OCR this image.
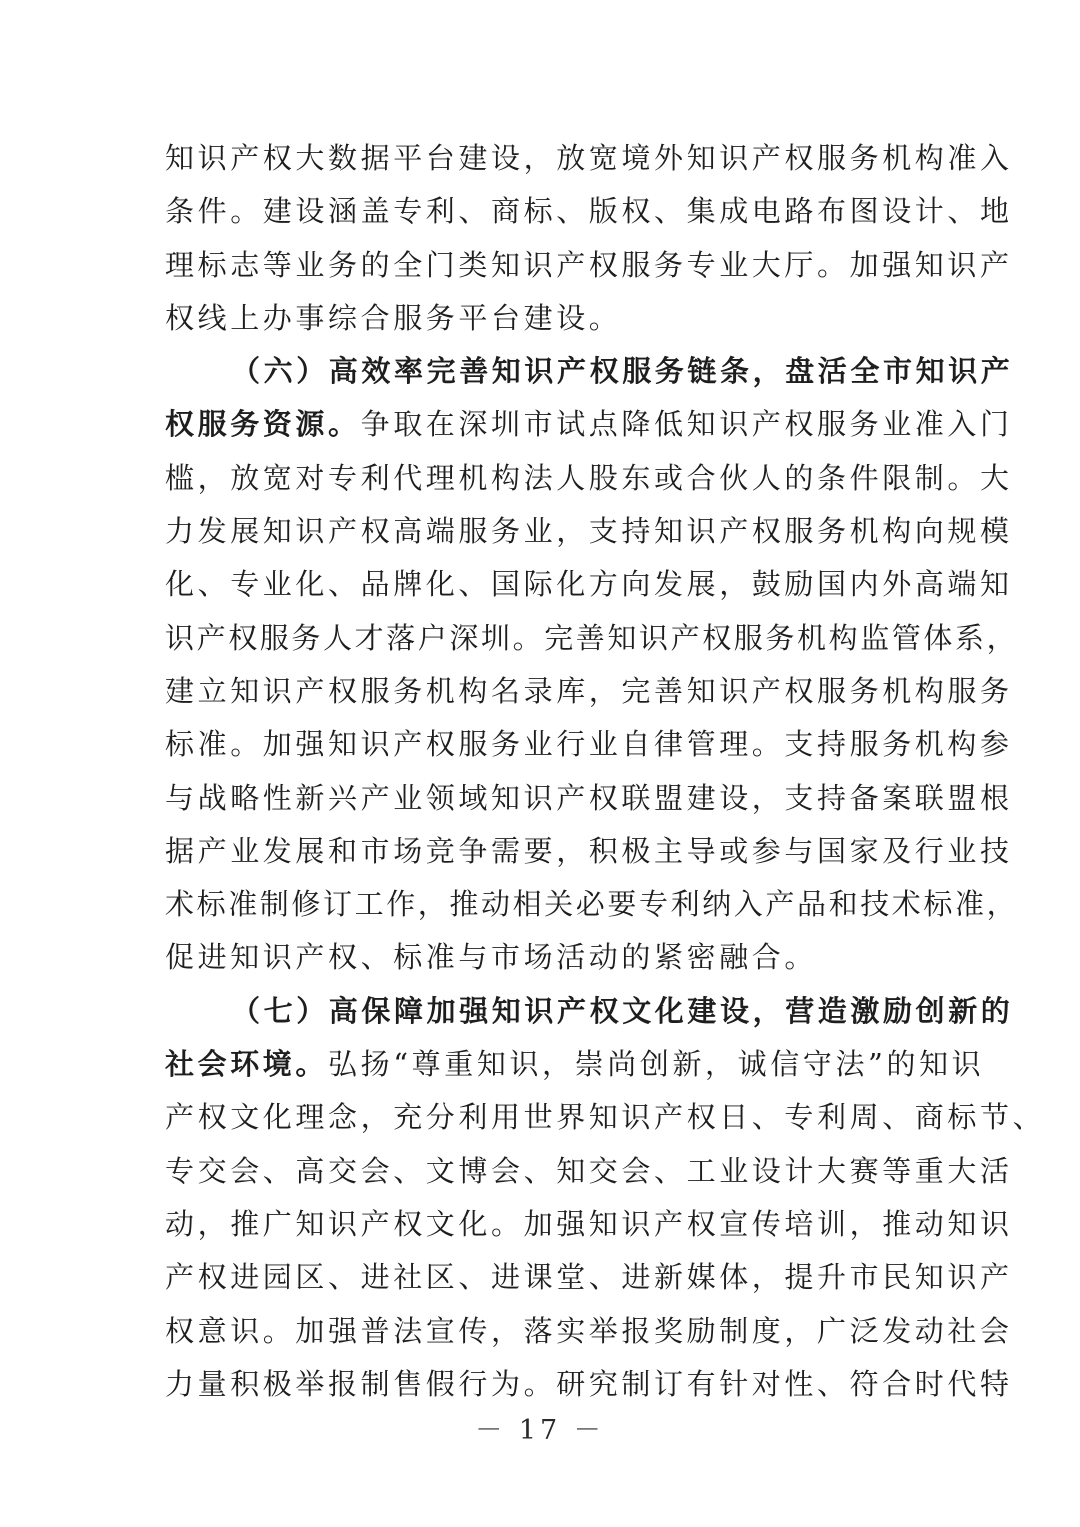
知识产权大数据平台建设，放宽境外知识产权服务机构准入
条件。建设涵盖专利、商标、版权、集成电路布图设计、地
理标志等业务的全门类知识产权服务专业大厅。加强知识产
权线上办事综合服务平台建设。
（六）高效率完善知识产权服务链条，盘活全市知识产
权服务资源。争取在深圳市试点降低知识产权服务业准入门
槛，放宽对专利代理机构法人股东或合伙人的条件限制。大
力发展知识产权高端服务业，支持知识产权服务机构向规模
化、专业化、品牌化、国际化方向发展，鼓励国内外高端知
识产权服务人才落户深圳。完善知识产权服务机构监管体系，
建立知识产权服务机构名录库，完善知识产权服务机构服务
标准。加强知识产权服务业行业自律管理。支持服务机构参
与战略性新兴产业领域知识产权联盟建设，支持备案联盟根
据产业发展和市场竞争需要，积极主导或参与国家及行业技
术标准制修订工作，推动相关必要专利纳入产品和技术标准，
促进知识产权、标准与市场活动的紧密融合。
（七）高保障加强知识产权文化建设，营造激励创新的
社会环境。弘扬“尊重知识，崇尚创新，诚信守法”的知识
产权文化理念，充分利用世界知识产权日、专利周、商标节、
专交会、高交会、文博会、知交会、工业设计大赛等重大活
动，推广知识产权文化。加强知识产权宣传培训，推动知识
产权进园区、进社区、进课堂、进新媒体，提升市民知识产
权意识。加强普法宣传，落实举报奖励制度，广泛发动社会
力量积极举报制售假行为。研究制订有针对性、符合时代特
－ 17 －
